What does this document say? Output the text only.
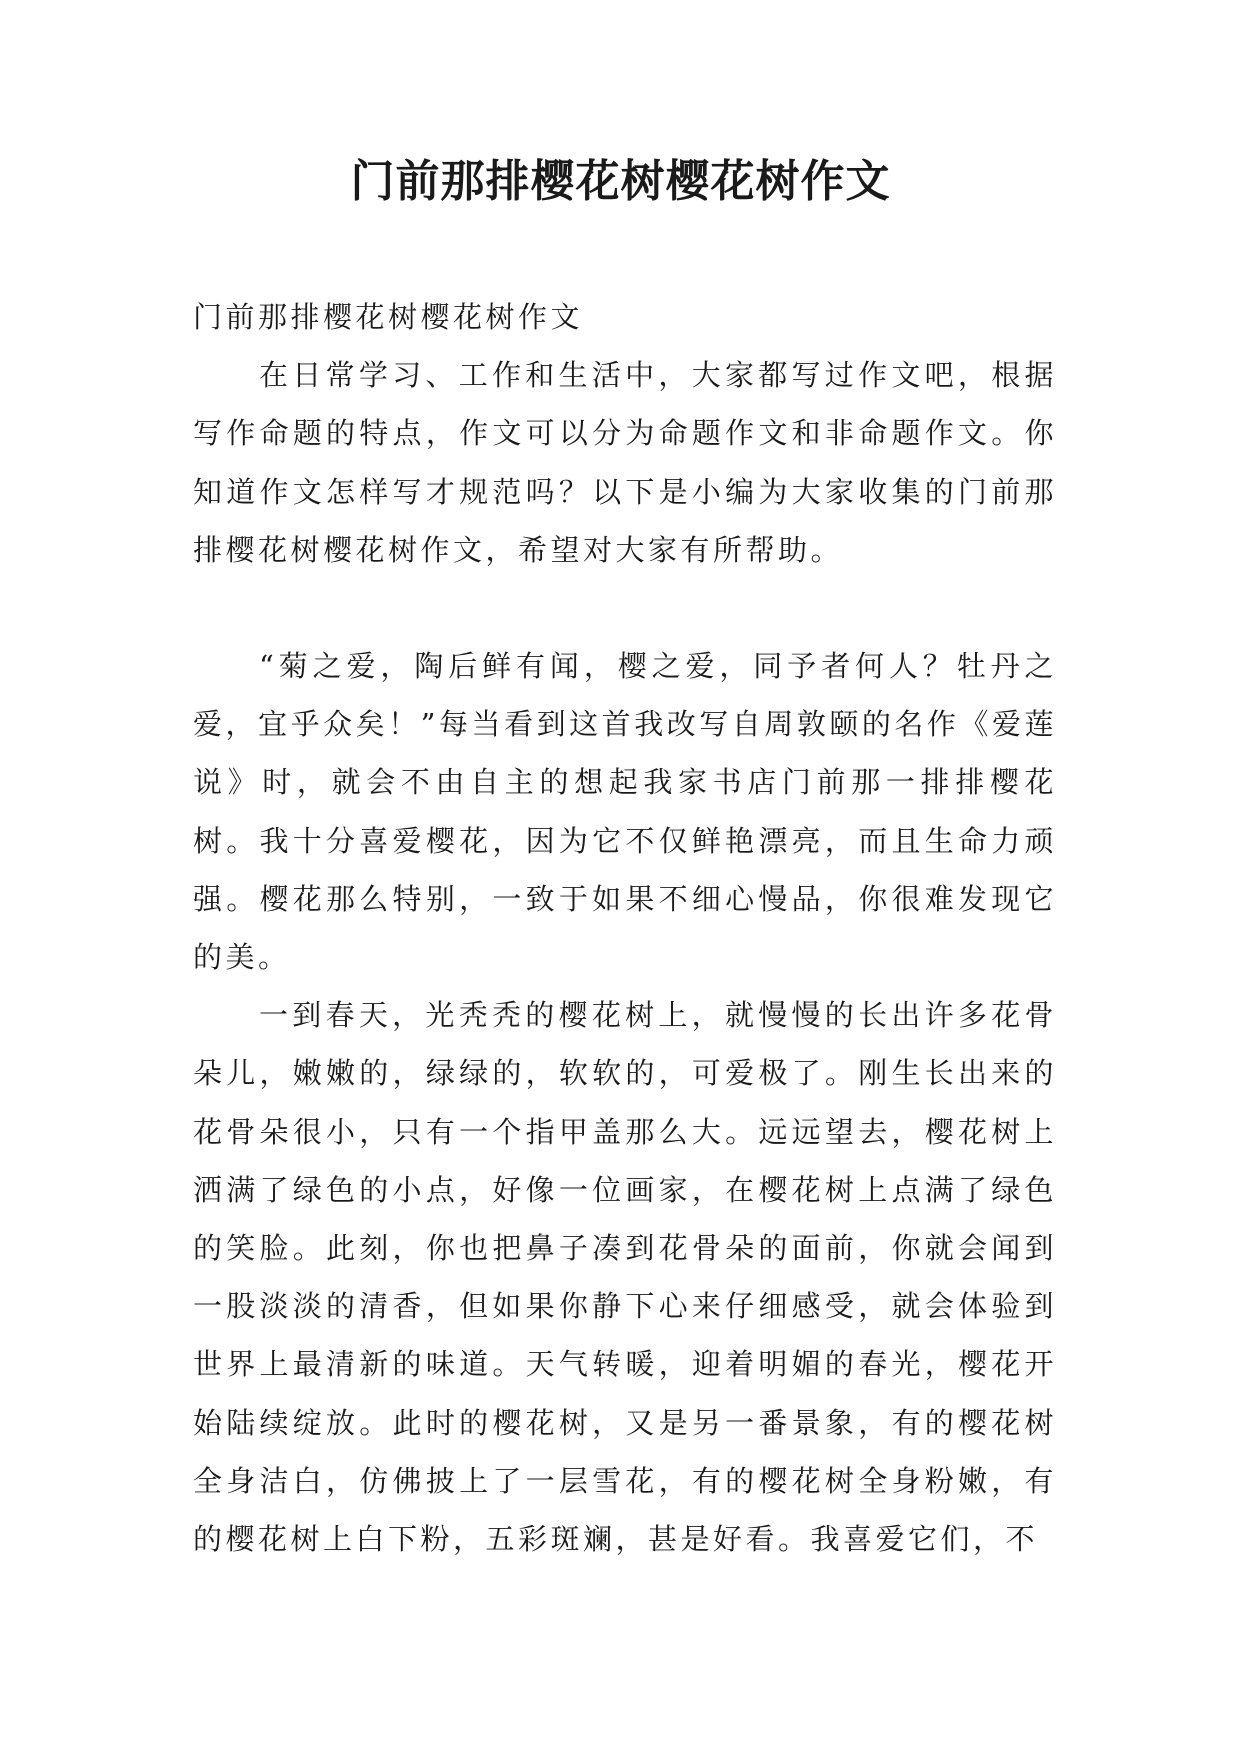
门前那排樱花树樱花树作文

门前那排樱花树樱花树作文

在日常学习、工作和生活中，大家都写过作文吧，根据写作命题的特点，作文可以分为命题作文和非命题作文。你知道作文怎样写才规范吗？以下是小编为大家收集的门前那排樱花树樱花树作文，希望对大家有所帮助。

“菊之爱，陶后鲜有闻，樱之爱，同予者何人？牡丹之爱，宜乎众矣！”每当看到这首我改写自周敦颐的名作《爱莲说》时，就会不由自主的想起我家书店门前那一排排樱花树。我十分喜爱樱花，因为它不仅鲜艳漂亮，而且生命力顽强。樱花那么特别，一致于如果不细心慢品，你很难发现它的美。

一到春天，光秃秃的樱花树上，就慢慢的长出许多花骨朵儿，嫩嫩的，绿绿的，软软的，可爱极了。刚生长出来的花骨朵很小，只有一个指甲盖那么大。远远望去，樱花树上洒满了绿色的小点，好像一位画家，在樱花树上点满了绿色的笑脸。此刻，你也把鼻子凑到花骨朵的面前，你就会闻到一股淡淡的清香，但如果你静下心来仔细感受，就会体验到世界上最清新的味道。天气转暖，迎着明媚的春光，樱花开始陆续绽放。此时的樱花树，又是另一番景象，有的樱花树全身洁白，仿佛披上了一层雪花，有的樱花树全身粉嫩，有的樱花树上白下粉，五彩斑斓，甚是好看。我喜爱它们，不
